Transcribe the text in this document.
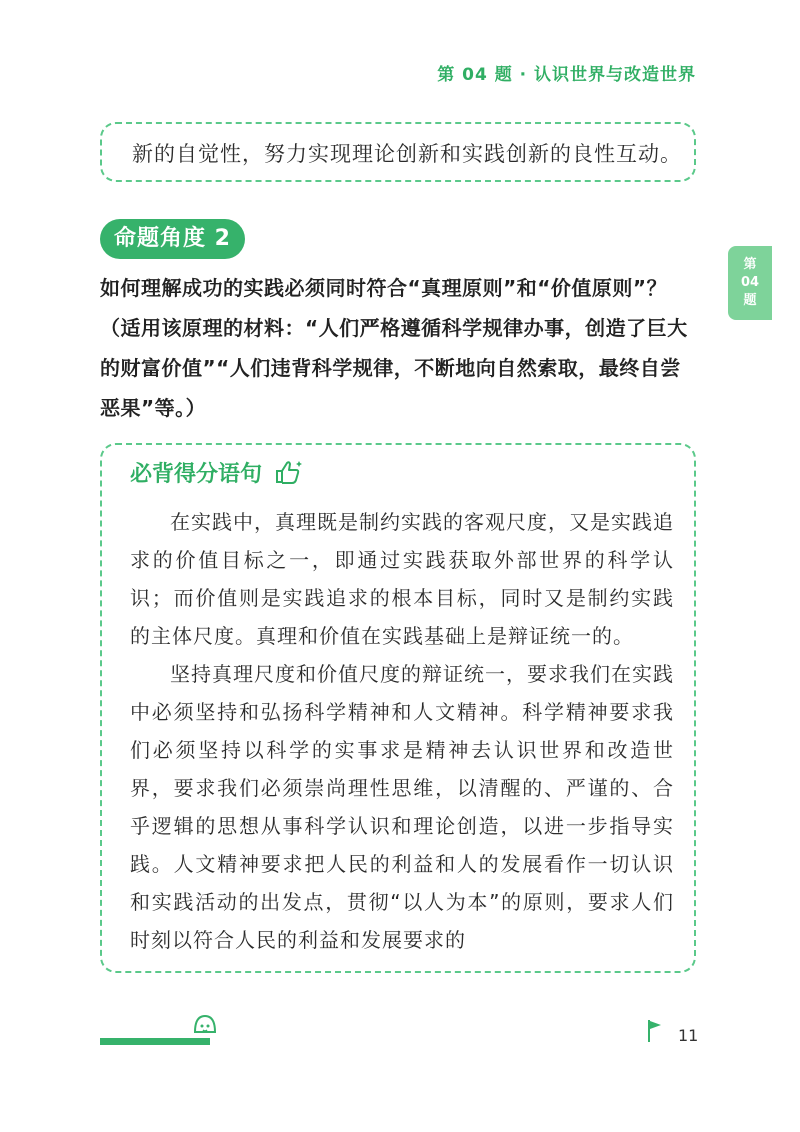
第 04 题 · 认识世界与改造世界
第
04
题

新的自觉性，努力实现理论创新和实践创新的良性互动。

命题角度 2

如何理解成功的实践必须同时符合“真理原则”和“价值原则”？（适用该原理的材料：“人们严格遵循科学规律办事，创造了巨大的财富价值”“人们违背科学规律，不断地向自然索取，最终自尝恶果”等。）

必背得分语句

在实践中，真理既是制约实践的客观尺度，又是实践追求的价值目标之一，即通过实践获取外部世界的科学认识；而价值则是实践追求的根本目标，同时又是制约实践的主体尺度。真理和价值在实践基础上是辩证统一的。

坚持真理尺度和价值尺度的辩证统一，要求我们在实践中必须坚持和弘扬科学精神和人文精神。科学精神要求我们必须坚持以科学的实事求是精神去认识世界和改造世界，要求我们必须崇尚理性思维，以清醒的、严谨的、合乎逻辑的思想从事科学认识和理论创造，以进一步指导实践。人文精神要求把人民的利益和人的发展看作一切认识和实践活动的出发点，贯彻“以人为本”的原则，要求人们时刻以符合人民的利益和发展要求的

11
